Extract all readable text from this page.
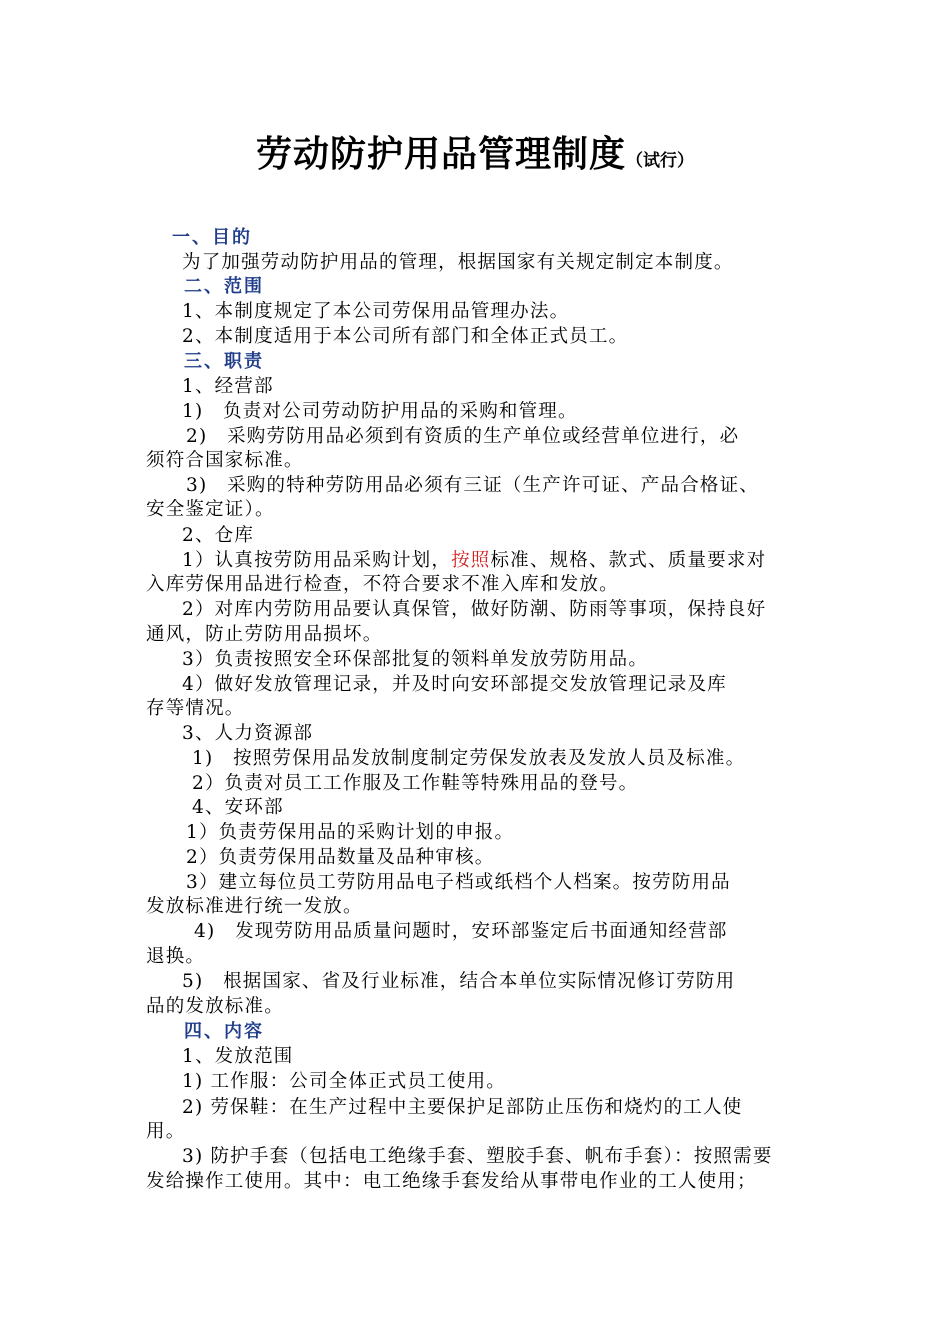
劳动防护用品管理制度（试行）
一、目的
为了加强劳动防护用品的管理，根据国家有关规定制定本制度。
二、范围
1、本制度规定了本公司劳保用品管理办法。
2、本制度适用于本公司所有部门和全体正式员工。
三、职责
1、经营部
1)　负责对公司劳动防护用品的采购和管理。
2)　采购劳防用品必须到有资质的生产单位或经营单位进行，必
须符合国家标准。
3)　采购的特种劳防用品必须有三证（生产许可证、产品合格证、
安全鉴定证）。
2、仓库
1）认真按劳防用品采购计划，按照标准、规格、款式、质量要求对
入库劳保用品进行检查，不符合要求不准入库和发放。
2）对库内劳防用品要认真保管，做好防潮、防雨等事项，保持良好
通风，防止劳防用品损坏。
3）负责按照安全环保部批复的领料单发放劳防用品。
4）做好发放管理记录，并及时向安环部提交发放管理记录及库
存等情况。
3、人力资源部
1)　按照劳保用品发放制度制定劳保发放表及发放人员及标准。
2）负责对员工工作服及工作鞋等特殊用品的登号。
4、安环部
1）负责劳保用品的采购计划的申报。
2）负责劳保用品数量及品种审核。
3）建立每位员工劳防用品电子档或纸档个人档案。按劳防用品
发放标准进行统一发放。
4)　发现劳防用品质量问题时，安环部鉴定后书面通知经营部
退换。
5)　根据国家、省及行业标准，结合本单位实际情况修订劳防用
品的发放标准。
四、内容
1、发放范围
1) 工作服：公司全体正式员工使用。
2) 劳保鞋：在生产过程中主要保护足部防止压伤和烧灼的工人使
用。
3) 防护手套（包括电工绝缘手套、塑胶手套、帆布手套）：按照需要
发给操作工使用。其中：电工绝缘手套发给从事带电作业的工人使用；
